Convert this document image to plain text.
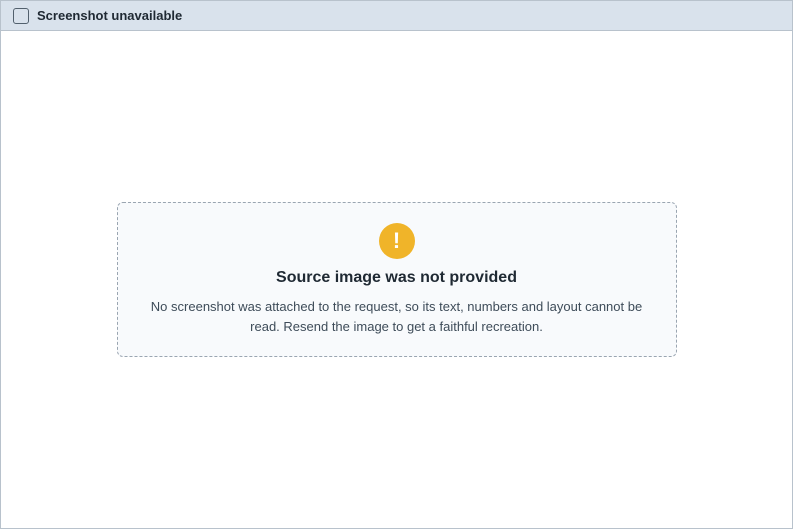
Screenshot unavailable
!
Source image was not provided

No screenshot was attached to the request, so its text, numbers and layout cannot be read. Resend the image to get a faithful recreation.
